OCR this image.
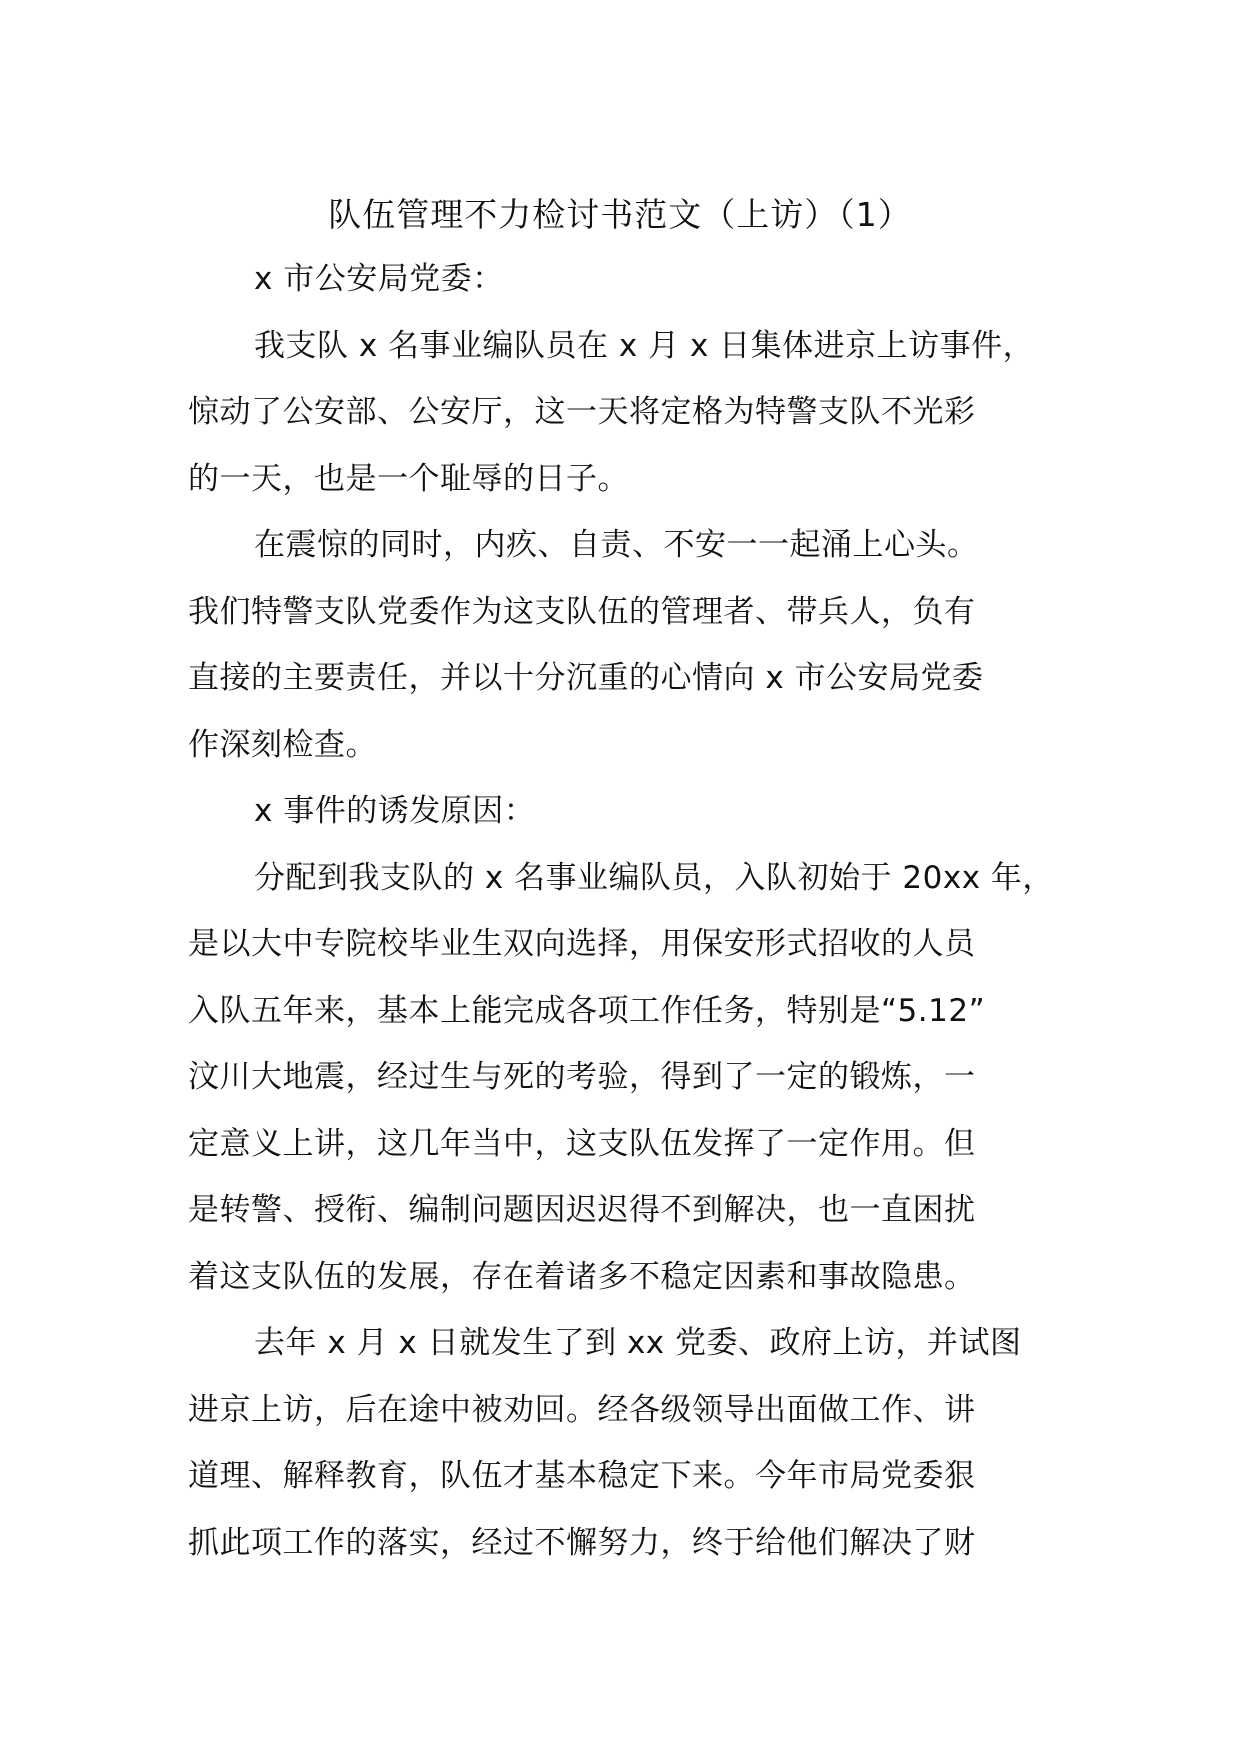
队伍管理不力检讨书范文（上访）（1）
x 市公安局党委：
我支队 x 名事业编队员在 x 月 x 日集体进京上访事件，
惊动了公安部、公安厅，这一天将定格为特警支队不光彩
的一天，也是一个耻辱的日子。
在震惊的同时，内疚、自责、不安一一起涌上心头。
我们特警支队党委作为这支队伍的管理者、带兵人，负有
直接的主要责任，并以十分沉重的心情向 x 市公安局党委
作深刻检查。
x 事件的诱发原因：
分配到我支队的 x 名事业编队员，入队初始于 20xx 年，
是以大中专院校毕业生双向选择，用保安形式招收的人员
入队五年来，基本上能完成各项工作任务，特别是“5.12”
汶川大地震，经过生与死的考验，得到了一定的锻炼，一
定意义上讲，这几年当中，这支队伍发挥了一定作用。但
是转警、授衔、编制问题因迟迟得不到解决，也一直困扰
着这支队伍的发展，存在着诸多不稳定因素和事故隐患。
去年 x 月 x 日就发生了到 xx 党委、政府上访，并试图
进京上访，后在途中被劝回。经各级领导出面做工作、讲
道理、解释教育，队伍才基本稳定下来。今年市局党委狠
抓此项工作的落实，经过不懈努力，终于给他们解决了财
